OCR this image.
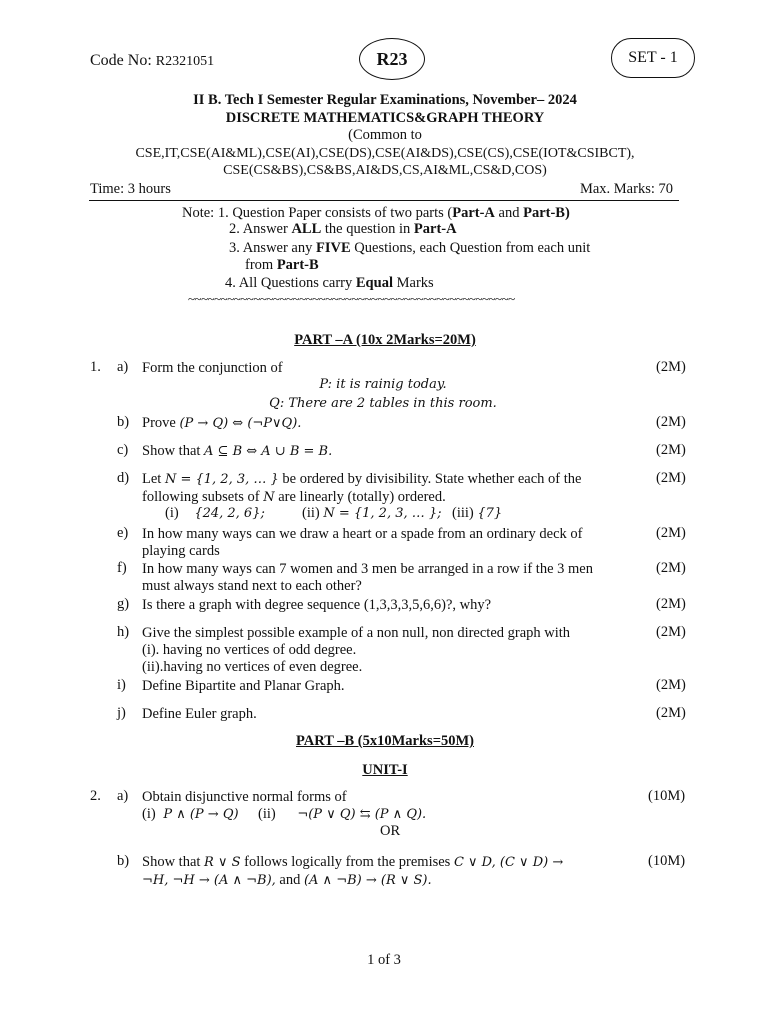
Code No: R2321051	R23	SET - 1
II B. Tech I Semester Regular Examinations, November– 2024
DISCRETE MATHEMATICS&GRAPH THEORY
(Common to
CSE,IT,CSE(AI&ML),CSE(AI),CSE(DS),CSE(AI&DS),CSE(CS),CSE(IOT&CSIBCT),
CSE(CS&BS),CS&BS,AI&DS,CS,AI&ML,CS&D,COS)
Time: 3 hours	Max. Marks: 70
Note: 1. Question Paper consists of two parts (Part-A and Part-B)
2. Answer ALL the question in Part-A
3. Answer any FIVE Questions, each Question from each unit
from Part-B
4. All Questions carry Equal Marks
~~~~~~~~~~~~~~~~~~~~~~~~~~~~~~~~~~~~~~~~~~~~~~~~~~
PART –A (10x 2Marks=20M)
1. a) Form the conjunction of	(2M)
P: it is rainig today.
Q: There are 2 tables in this room.
b) Prove (P → Q) ⇔ (¬P∨Q).	(2M)
c) Show that A ⊆ B ⇔ A ∪ B = B.	(2M)
d) Let N = {1, 2, 3, … } be ordered by divisibility. State whether each of the
following subsets of N are linearly (totally) ordered.
(i) {24, 2, 6};	(ii) N = {1, 2, 3, … }; (iii) {7}
(2M)
e) In how many ways can we draw a heart or a spade from an ordinary deck of
playing cards
(2M)
f) In how many ways can 7 women and 3 men be arranged in a row if the 3 men
must always stand next to each other?
(2M)
g) Is there a graph with degree sequence (1,3,3,3,5,6,6)?, why?	(2M)
h) Give the simplest possible example of a non null, non directed graph with
(i). having no vertices of odd degree.
(ii).having no vertices of even degree.
(2M)
i) Define Bipartite and Planar Graph.	(2M)
j) Define Euler graph.	(2M)
PART –B (5x10Marks=50M)
UNIT-I
2. a) Obtain disjunctive normal forms of	(10M)
(i) P ∧ (P → Q) (ii) ¬(P ∨ Q) ⇆ (P ∧ Q).
OR
b) Show that R ∨ S follows logically from the premises C ∨ D, (C ∨ D) →
¬H, ¬H → (A ∧ ¬B), and (A ∧ ¬B) → (R ∨ S).
(10M)
1 of 3
